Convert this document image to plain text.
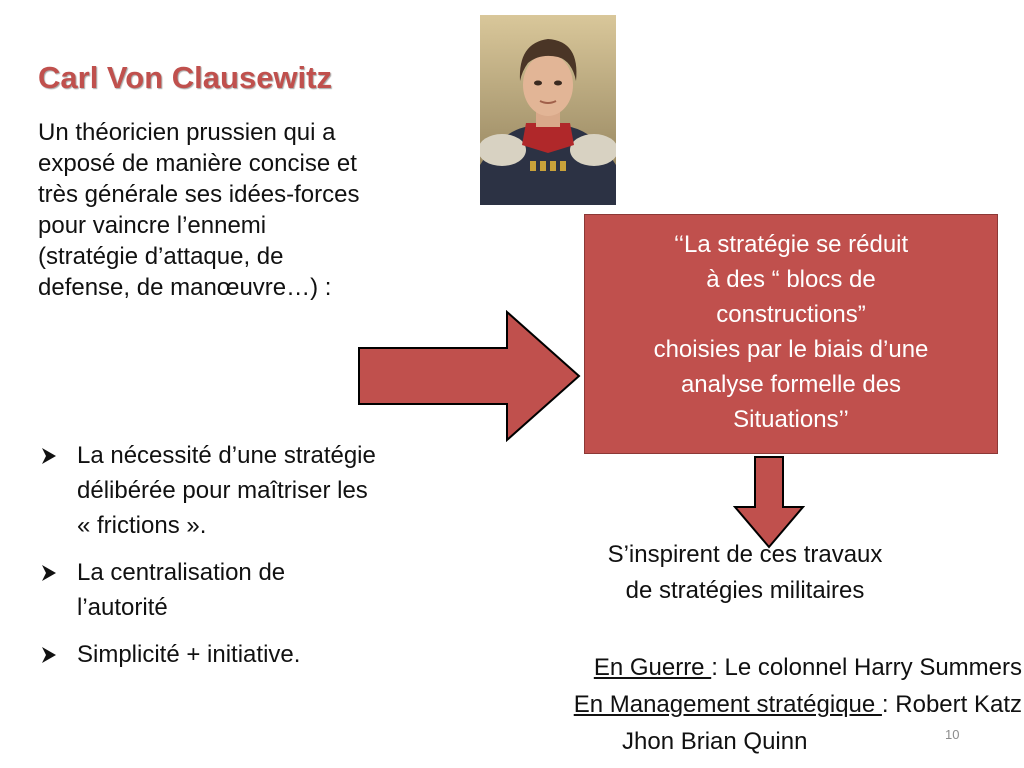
Carl Von Clausewitz
Un théoricien prussien qui a
exposé de manière concise et
très générale ses idées-forces
pour vaincre l’ennemi
(stratégie d’attaque, de
defense, de manœuvre…) :
‘‘La stratégie se réduit
à des “ blocs de
constructions”
choisies par le biais d’une
analyse formelle des
Situations’’
La nécessité d’une stratégie
délibérée pour maîtriser les
« frictions ».
La centralisation de
l’autorité
Simplicité + initiative.
S’inspirent de ces travaux
de stratégies militaires
En Guerre : Le colonnel Harry Summers
En Management stratégique : Robert Katz
Jhon Brian Quinn	10
